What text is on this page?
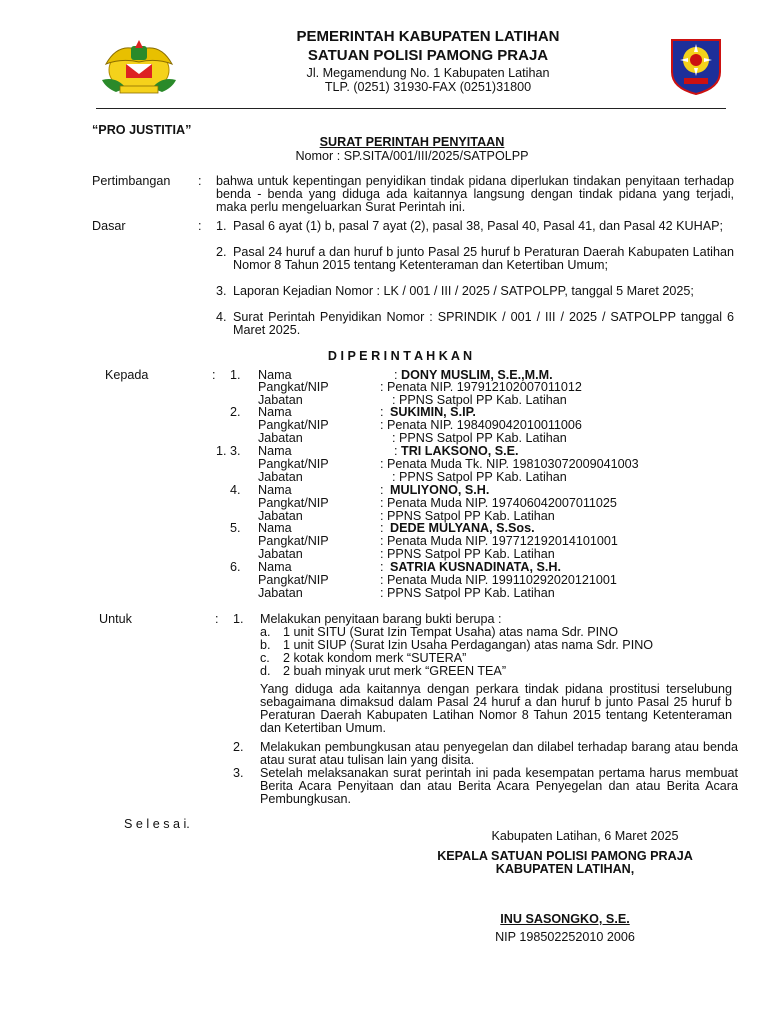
PEMERINTAH KABUPATEN LATIHAN
SATUAN POLISI PAMONG PRAJA
Jl. Megamendung No. 1 Kabupaten Latihan
TLP. (0251) 31930-FAX (0251)31800
“PRO JUSTITIA”
SURAT PERINTAH PENYITAAN
Nomor : SP.SITA/001/III/2025/SATPOLPP
Pertimbangan : bahwa untuk kepentingan penyidikan tindak pidana diperlukan tindakan penyitaan terhadap benda - benda yang diduga ada kaitannya langsung dengan tindak pidana yang terjadi, maka perlu mengeluarkan Surat Perintah ini.
Dasar	: 1. Pasal 6 ayat (1) b, pasal 7 ayat (2), pasal 38, Pasal 40, Pasal 41, dan Pasal 42 KUHAP;
2. Pasal 24 huruf a dan huruf b junto Pasal 25 huruf b Peraturan Daerah Kabupaten Latihan Nomor 8 Tahun 2015 tentang Ketenteraman dan Ketertiban Umum;
3. Laporan Kejadian Nomor : LK / 001 / III / 2025 / SATPOLPP, tanggal 5 Maret 2025;
4. Surat Perintah Penyidikan Nomor : SPRINDIK / 001 / III / 2025 / SATPOLPP tanggal 6 Maret 2025.
D I P E R I N T A H K A N
Kepada	: 1. Nama	: DONY MUSLIM, S.E.,M.M.
Pangkat/NIP	: Penata NIP. 197912102007011012
Jabatan	: PPNS Satpol PP Kab. Latihan
2. Nama	: SUKIMIN, S.IP.
Pangkat/NIP	: Penata NIP. 198409042010011006
Jabatan	: PPNS Satpol PP Kab. Latihan
1. 3. Nama	: TRI LAKSONO, S.E.
Pangkat/NIP	: Penata Muda Tk. NIP. 198103072009041003
Jabatan	: PPNS Satpol PP Kab. Latihan
4. Nama	: MULIYONO, S.H.
Pangkat/NIP	: Penata Muda NIP. 197406042007011025
Jabatan	: PPNS Satpol PP Kab. Latihan
5. Nama	: DEDE MULYANA, S.Sos.
Pangkat/NIP	: Penata Muda NIP. 197712192014101001
Jabatan	: PPNS Satpol PP Kab. Latihan
6. Nama	: SATRIA KUSNADINATA, S.H.
Pangkat/NIP	: Penata Muda NIP. 199110292020121001
Jabatan	: PPNS Satpol PP Kab. Latihan
Untuk	: 1. Melakukan penyitaan barang bukti berupa :
a. 1 unit SITU (Surat Izin Tempat Usaha) atas nama Sdr. PINO
b. 1 unit SIUP (Surat Izin Usaha Perdagangan) atas nama Sdr. PINO
c. 2 kotak kondom merk “SUTERA”
d. 2 buah minyak urut merk “GREEN TEA”
Yang diduga ada kaitannya dengan perkara tindak pidana prostitusi terselubung sebagaimana dimaksud dalam Pasal 24 huruf a dan huruf b junto Pasal 25 huruf b Peraturan Daerah Kabupaten Latihan Nomor 8 Tahun 2015 tentang Ketenteraman dan Ketertiban Umum.
2. Melakukan pembungkusan atau penyegelan dan dilabel terhadap barang atau benda atau surat atau tulisan lain yang disita.
3. Setelah melaksanakan surat perintah ini pada kesempatan pertama harus membuat Berita Acara Penyitaan dan atau Berita Acara Penyegelan dan atau Berita Acara Pembungkusan.
S e l e s a i.
Kabupaten Latihan, 6 Maret 2025
KEPALA SATUAN POLISI PAMONG PRAJA
KABUPATEN LATIHAN,
INU SASONGKO, S.E.
NIP 198502252010 2006
